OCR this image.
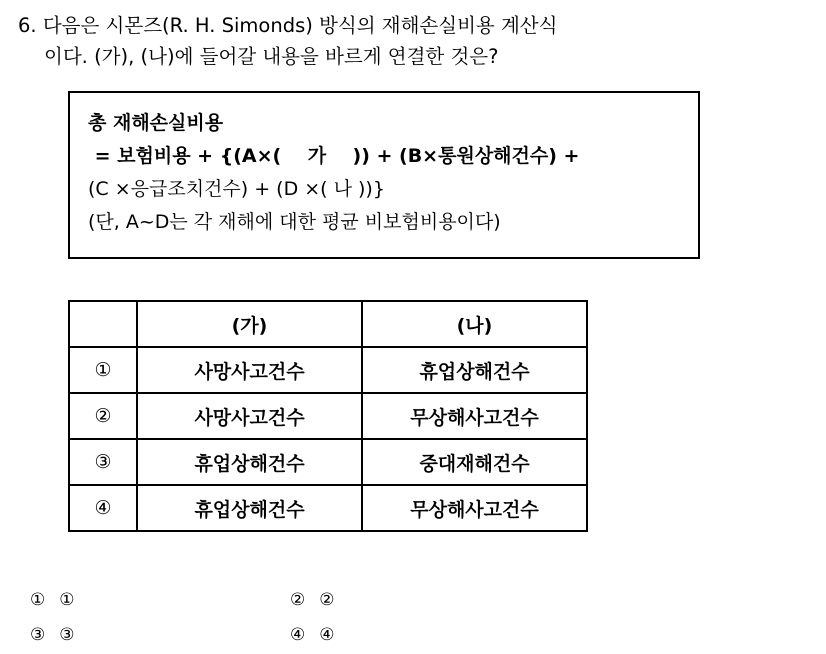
6. 다음은 시몬즈(R. H. Simonds) 방식의 재해손실비용 계산식
이다. (가), (나)에 들어갈 내용을 바르게 연결한 것은?
총 재해손실비용
= 보험비용 + {(A×(    가    )) + (B×통원상해건수) +
(C ×응급조치건수) + (D ×( 나 ))}
(단, A~D는 각 재해에 대한 평균 비보험비용이다)
	(가)	(나)
①	사망사고건수	휴업상해건수
②	사망사고건수	무상해사고건수
③	휴업상해건수	중대재해건수
④	휴업상해건수	무상해사고건수
① ①	② ②
③ ③	④ ④
